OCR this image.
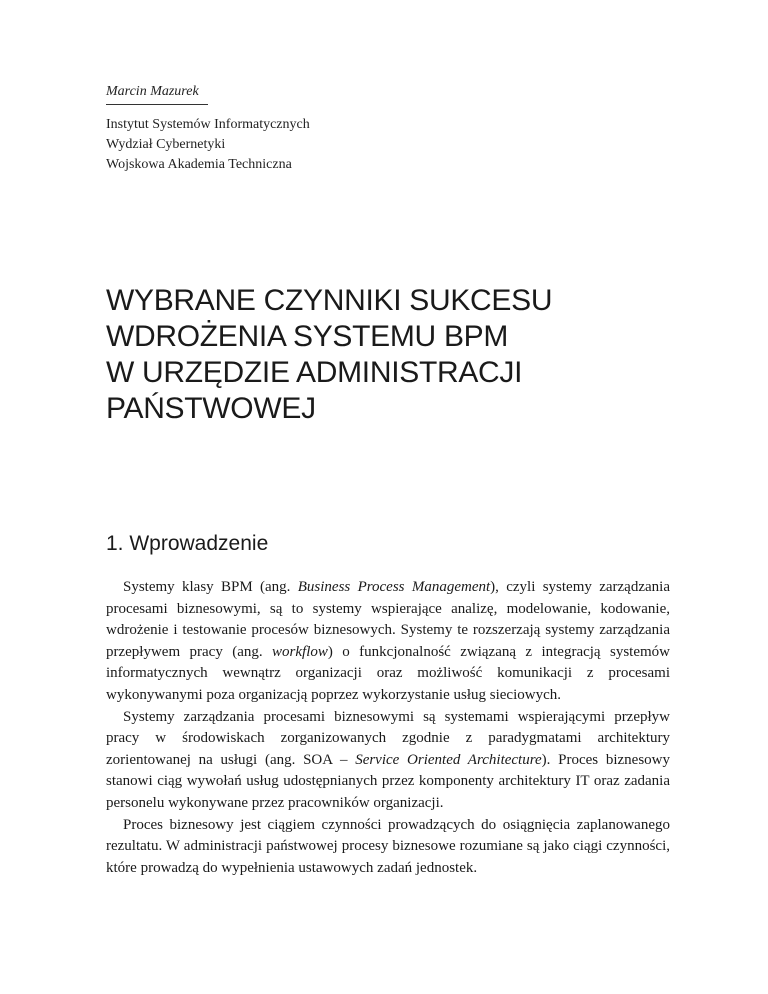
Marcin Mazurek
Instytut Systemów Informatycznych
Wydział Cybernetyki
Wojskowa Akademia Techniczna
WYBRANE CZYNNIKI SUKCESU
WDROŻENIA SYSTEMU BPM
W URZĘDZIE ADMINISTRACJI
PAŃSTWOWEJ
1. Wprowadzenie

Systemy klasy BPM (ang. Business Process Management), czyli systemy zarządzania procesami biznesowymi, są to systemy wspierające analizę, modelowanie, kodowanie, wdrożenie i testowanie procesów biznesowych. Systemy te rozszerzają systemy zarządzania przepływem pracy (ang. workflow) o funkcjonalność związaną z integracją systemów informatycznych wewnątrz organizacji oraz możliwość komunikacji z procesami wykonywanymi poza organizacją poprzez wykorzystanie usług sieciowych.

Systemy zarządzania procesami biznesowymi są systemami wspierającymi przepływ pracy w środowiskach zorganizowanych zgodnie z paradygmatami architektury zorientowanej na usługi (ang. SOA – Service Oriented Architecture). Proces biznesowy stanowi ciąg wywołań usług udostępnianych przez komponenty architektury IT oraz zadania personelu wykonywane przez pracowników organizacji.

Proces biznesowy jest ciągiem czynności prowadzących do osiągnięcia zaplanowanego rezultatu. W administracji państwowej procesy biznesowe rozumiane są jako ciągi czynności, które prowadzą do wypełnienia ustawowych zadań jednostek.
